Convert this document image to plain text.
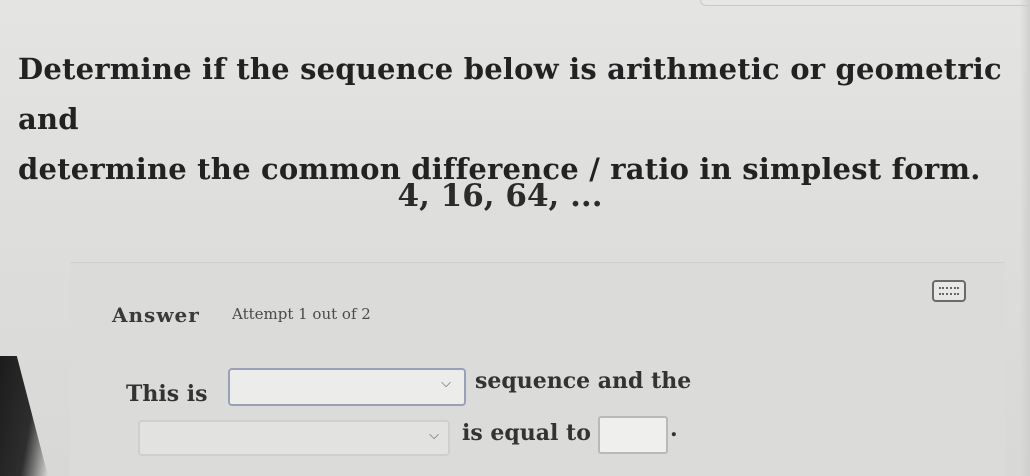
Determine if the sequence below is arithmetic or geometric and
determine the common difference / ratio in simplest form.
4, 16, 64, ...
Answer Attempt 1 out of 2
This is	⌵ sequence and the
⌵ is equal to	.
